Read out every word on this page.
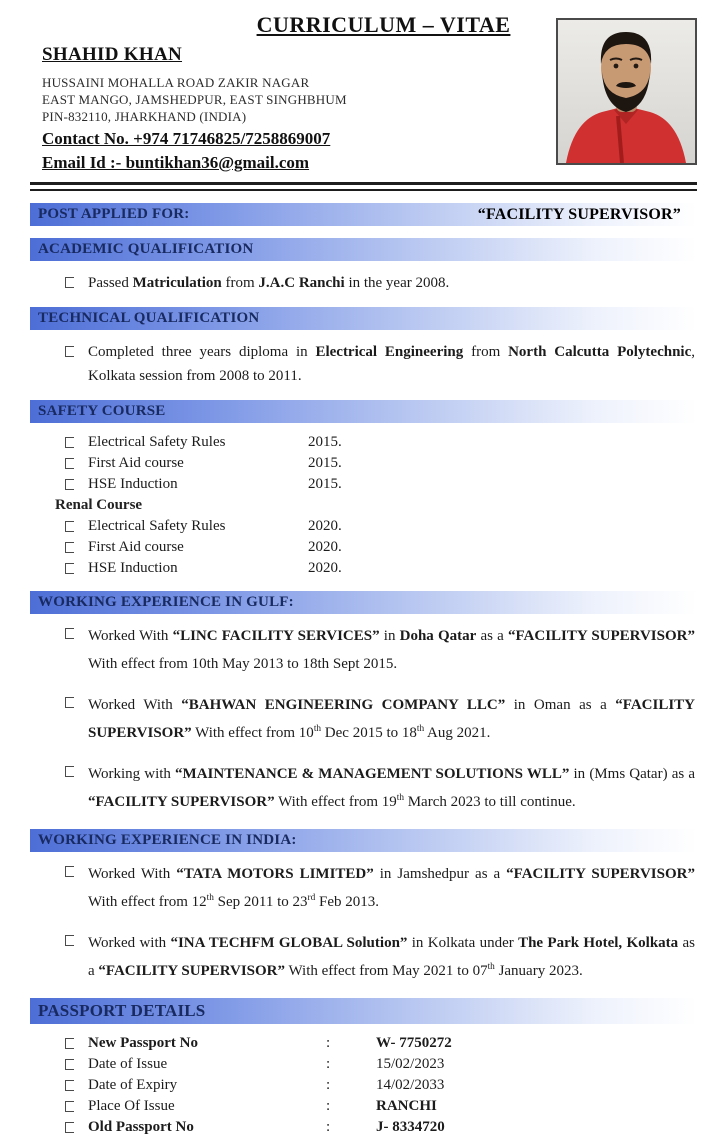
CURRICULUM – VITAE
SHAHID KHAN
HUSSAINI MOHALLA ROAD ZAKIR NAGAR
EAST MANGO, JAMSHEDPUR, EAST SINGHBHUM
PIN-832110, JHARKHAND (INDIA)
Contact No. +974 71746825/7258869007
Email Id :- buntikhan36@gmail.com
POST APPLIED FOR:	“FACILITY SUPERVISOR”
ACADEMIC QUALIFICATION
Passed Matriculation from J.A.C Ranchi in the year 2008.
TECHNICAL QUALIFICATION
Completed three years diploma in Electrical Engineering from North Calcutta Polytechnic, Kolkata session from 2008 to 2011.
SAFETY COURSE
Electrical Safety Rules	2015.
First Aid course	2015.
HSE Induction	2015.
Renal Course
Electrical Safety Rules	2020.
First Aid course	2020.
HSE Induction	2020.
WORKING EXPERIENCE IN GULF:
Worked With “LINC FACILITY SERVICES” in Doha Qatar as a “FACILITY SUPERVISOR” With effect from 10th May 2013 to 18th Sept 2015.
Worked With “BAHWAN ENGINEERING COMPANY LLC” in Oman as a “FACILITY SUPERVISOR” With effect from 10th Dec 2015 to 18th Aug 2021.
Working with “MAINTENANCE & MANAGEMENT SOLUTIONS WLL” in (Mms Qatar) as a “FACILITY SUPERVISOR” With effect from 19th March 2023 to till continue.
WORKING EXPERIENCE IN INDIA:
Worked With “TATA MOTORS LIMITED” in Jamshedpur as a “FACILITY SUPERVISOR” With effect from 12th Sep 2011 to 23rd Feb 2013.
Worked with “INA TECHFM GLOBAL Solution” in Kolkata under The Park Hotel, Kolkata as a “FACILITY SUPERVISOR” With effect from May 2021 to 07th January 2023.
PASSPORT DETAILS
New Passport No	:	W- 7750272
Date of Issue	:	15/02/2023
Date of Expiry	:	14/02/2033
Place Of Issue	:	RANCHI
Old Passport No	:	J- 8334720
